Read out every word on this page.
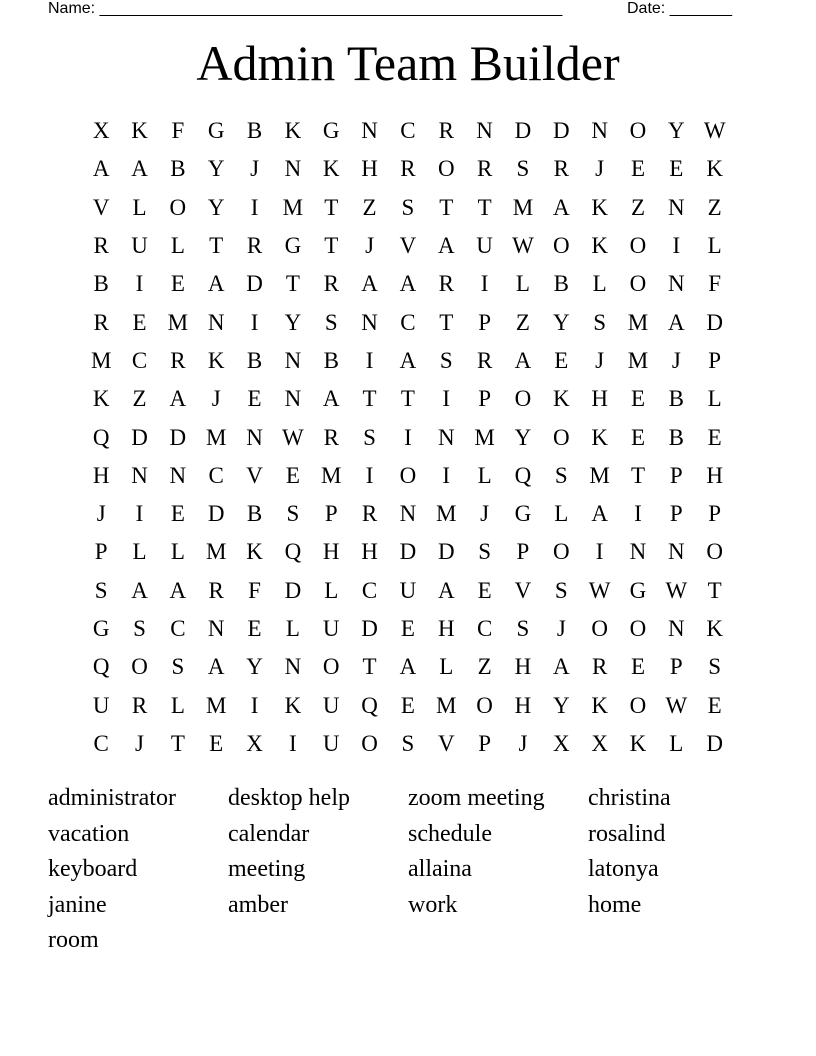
Name: ____________________________________________________	Date: _______
Admin Team Builder
X K	F	G B K G N C	R N D D N O Y W
A A B Y	J	N K H R O R	S	R	J	E	E	K
V	L	O Y	I	M T	Z	S	T	T M A K	Z	N	Z
R U	L	T	R G	T	J	V A U W O K O	I	L
B	I	E	A D	T	R A A R	I	L	B	L	O N	F
R	E M N	I	Y	S	N C	T	P	Z	Y	S M A D
M C	R K B N B	I	A	S	R A	E	J	M	J	P
K	Z	A	J	E	N A	T	T	I	P	O K H	E	B	L
Q D D M N W R	S	I	N M Y O K	E	B	E
H N N C V	E M	I	O	I	L	Q	S M T	P	H
J	I	E	D B	S	P	R N M	J	G	L	A	I	P	P
P	L	L M K Q H H D D	S	P	O	I	N N O
S	A A R	F	D	L	C U A	E	V	S W G W T
G	S	C N	E	L	U D	E	H C	S	J	O O N K
Q O	S	A Y N O	T	A	L	Z	H A R	E	P	S
U R	L M	I	K U Q	E M O H Y K O W E
C	J	T	E	X	I	U O	S	V	P	J	X X K	L	D
administrator	desktop help	zoom meeting	christina
vacation	calendar	schedule	rosalind
keyboard	meeting	allaina	latonya
janine	amber	work	home
room
